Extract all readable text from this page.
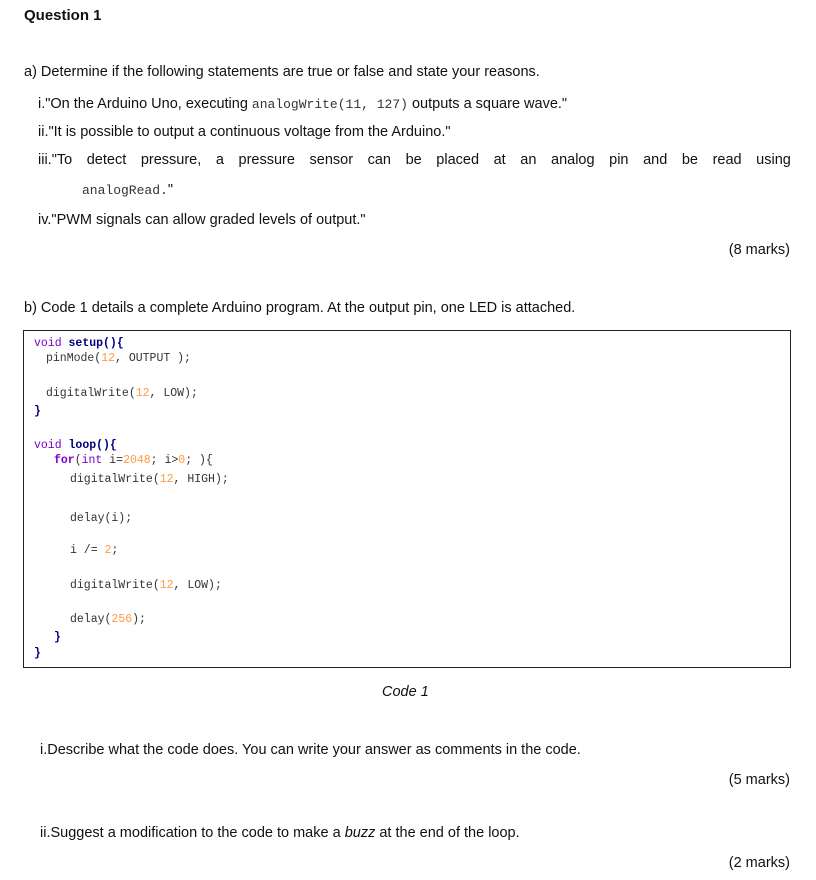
Question 1
a) Determine if the following statements are true or false and state your reasons.
i."On the Arduino Uno, executing analogWrite(11, 127) outputs a square wave."
ii."It is possible to output a continuous voltage from the Arduino."
iii."To detect pressure, a pressure sensor can be placed at an analog pin and be read using
analogRead."
iv."PWM signals can allow graded levels of output."
(8 marks)
b) Code 1 details a complete Arduino program. At the output pin, one LED is attached.
void setup(){
pinMode(12, OUTPUT );
digitalWrite(12, LOW);
}
void loop(){
for(int i=2048; i>0; ){
digitalWrite(12, HIGH);
delay(i);
i /= 2;
digitalWrite(12, LOW);
delay(256);
}
}
Code 1
i.Describe what the code does. You can write your answer as comments in the code.
(5 marks)
ii.Suggest a modification to the code to make a buzz at the end of the loop.
(2 marks)
